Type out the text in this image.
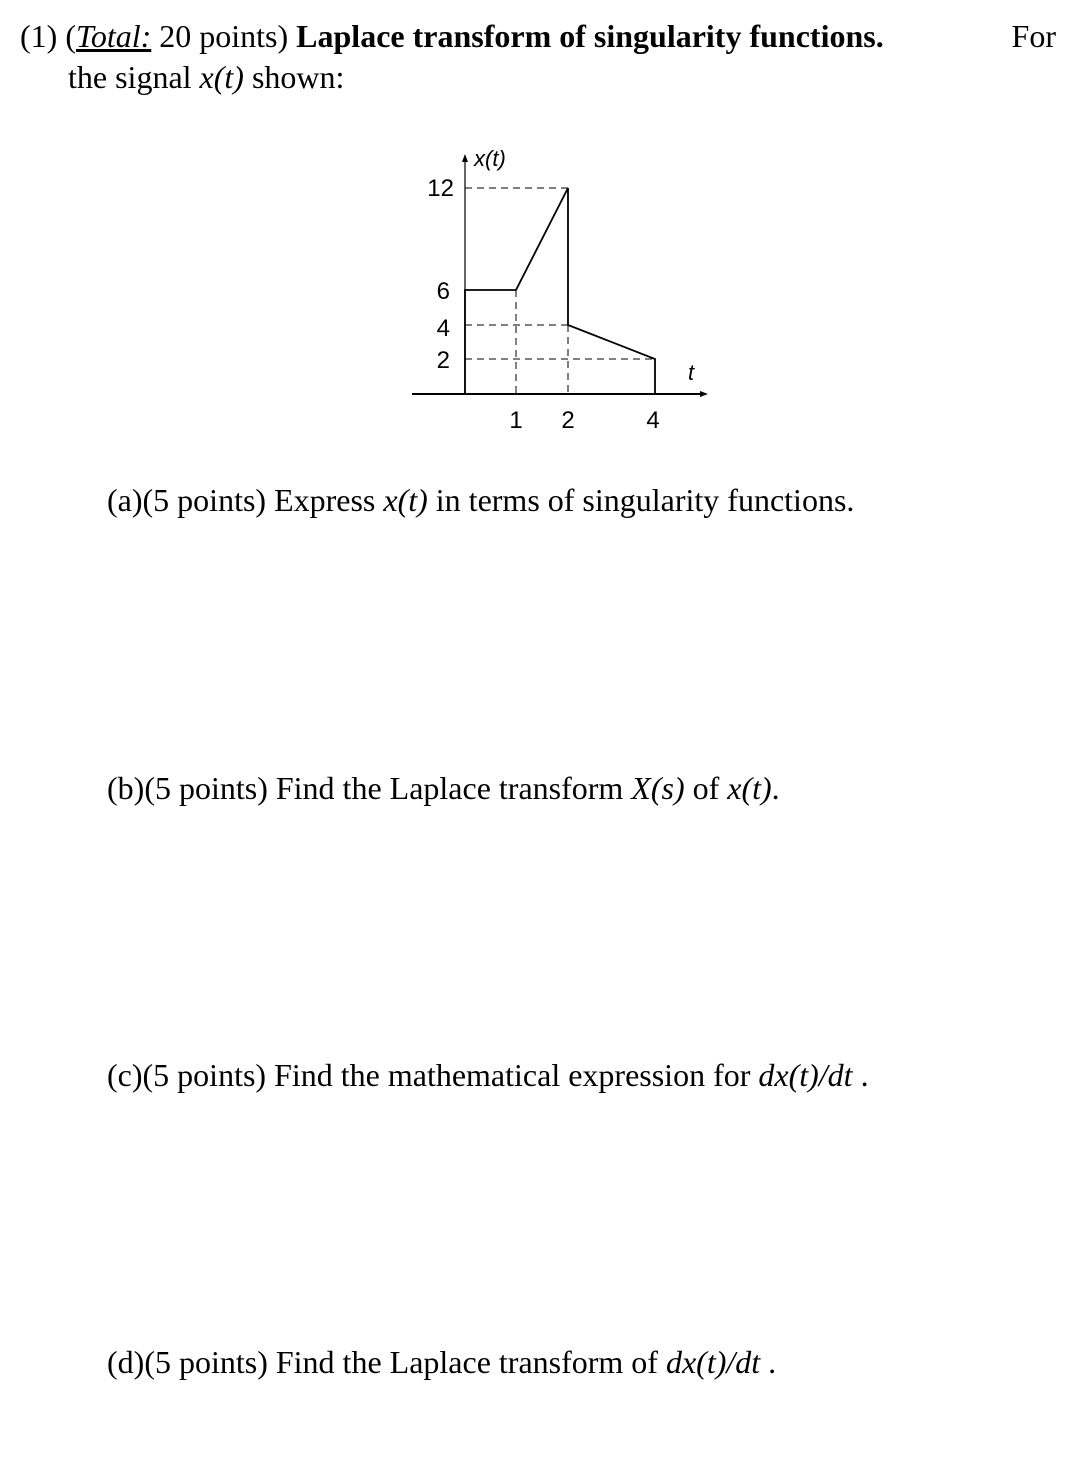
(1) (Total: 20 points) Laplace transform of singularity functions.	For
the signal x(t) shown:
x(t)
t
12
6
4
2
1 2	4
(a)(5 points) Express x(t) in terms of singularity functions.
(b)(5 points) Find the Laplace transform X(s) of x(t).
(c)(5 points) Find the mathematical expression for dx(t)/dt .
(d)(5 points) Find the Laplace transform of dx(t)/dt .
